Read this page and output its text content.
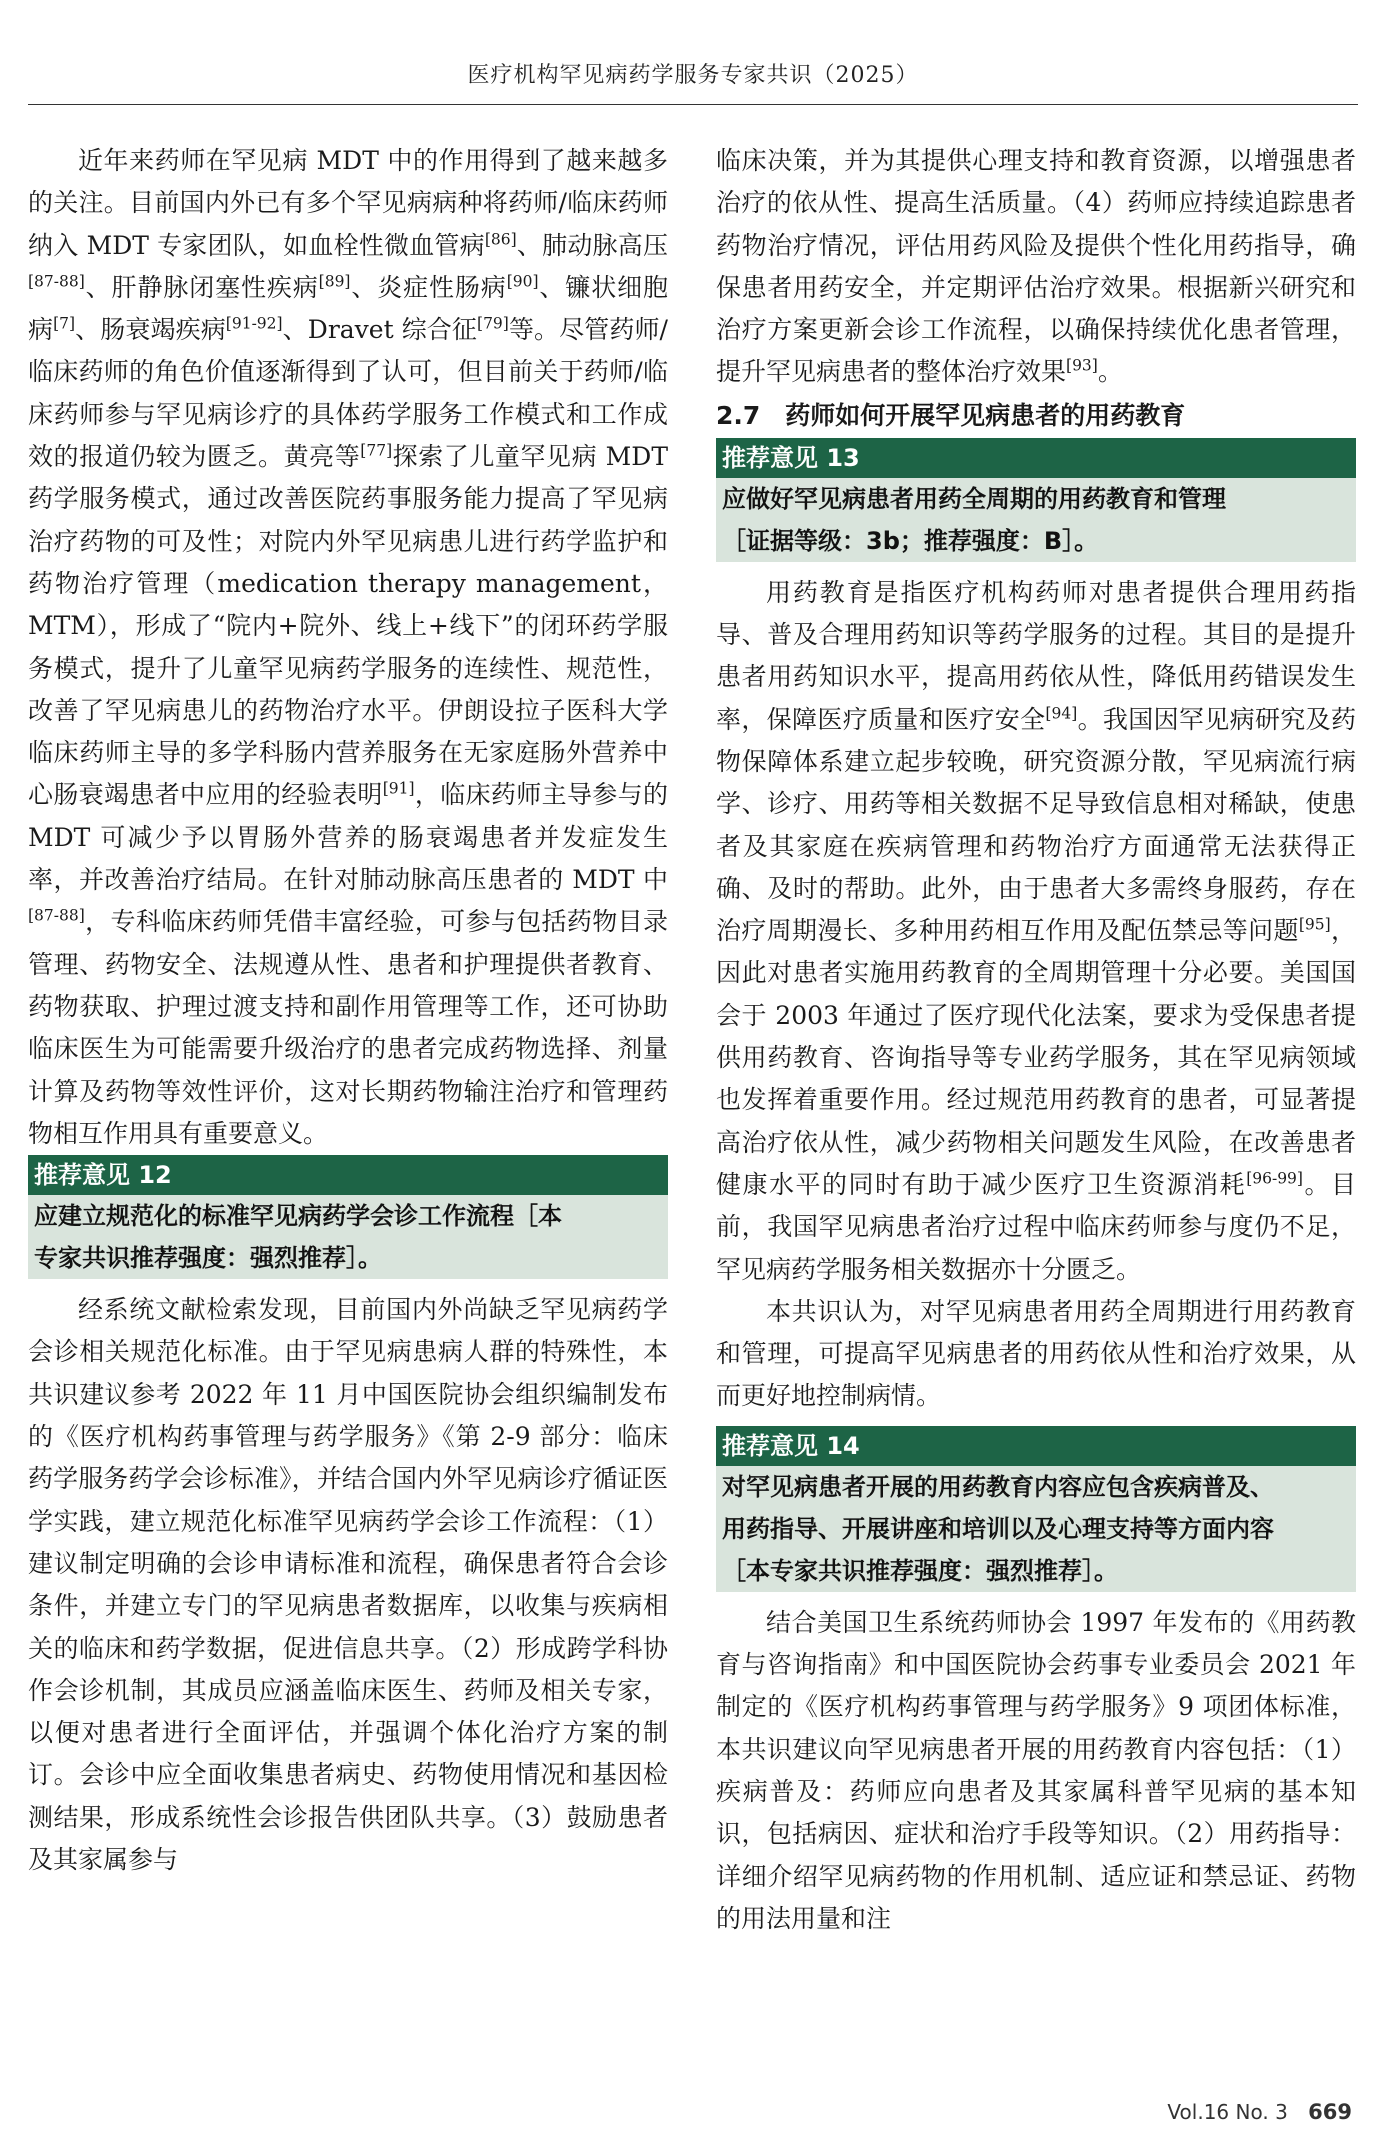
医疗机构罕见病药学服务专家共识（2025）

近年来药师在罕见病 MDT 中的作用得到了越来越多的关注。目前国内外已有多个罕见病病种将药师/临床药师纳入 MDT 专家团队，如血栓性微血管病[86]、肺动脉高压[87-88]、肝静脉闭塞性疾病[89]、炎症性肠病[90]、镰状细胞病[7]、肠衰竭疾病[91-92]、Dravet 综合征[79]等。尽管药师/临床药师的角色价值逐渐得到了认可，但目前关于药师/临床药师参与罕见病诊疗的具体药学服务工作模式和工作成效的报道仍较为匮乏。黄亮等[77]探索了儿童罕见病 MDT 药学服务模式，通过改善医院药事服务能力提高了罕见病治疗药物的可及性；对院内外罕见病患儿进行药学监护和药物治疗管理（medication therapy management，MTM），形成了“院内+院外、线上+线下”的闭环药学服务模式，提升了儿童罕见病药学服务的连续性、规范性，改善了罕见病患儿的药物治疗水平。伊朗设拉子医科大学临床药师主导的多学科肠内营养服务在无家庭肠外营养中心肠衰竭患者中应用的经验表明[91]，临床药师主导参与的 MDT 可减少予以胃肠外营养的肠衰竭患者并发症发生率，并改善治疗结局。在针对肺动脉高压患者的 MDT 中[87-88]，专科临床药师凭借丰富经验，可参与包括药物目录管理、药物安全、法规遵从性、患者和护理提供者教育、药物获取、护理过渡支持和副作用管理等工作，还可协助临床医生为可能需要升级治疗的患者完成药物选择、剂量计算及药物等效性评价，这对长期药物输注治疗和管理药物相互作用具有重要意义。

推荐意见 12
应建立规范化的标准罕见病药学会诊工作流程［本
专家共识推荐强度：强烈推荐］。

经系统文献检索发现，目前国内外尚缺乏罕见病药学会诊相关规范化标准。由于罕见病患病人群的特殊性，本共识建议参考 2022 年 11 月中国医院协会组织编制发布的《医疗机构药事管理与药学服务》《第 2-9 部分：临床药学服务药学会诊标准》，并结合国内外罕见病诊疗循证医学实践，建立规范化标准罕见病药学会诊工作流程：（1）建议制定明确的会诊申请标准和流程，确保患者符合会诊条件，并建立专门的罕见病患者数据库，以收集与疾病相关的临床和药学数据，促进信息共享。（2）形成跨学科协作会诊机制，其成员应涵盖临床医生、药师及相关专家，以便对患者进行全面评估，并强调个体化治疗方案的制订。会诊中应全面收集患者病史、药物使用情况和基因检测结果，形成系统性会诊报告供团队共享。（3）鼓励患者及其家属参与

临床决策，并为其提供心理支持和教育资源，以增强患者治疗的依从性、提高生活质量。（4）药师应持续追踪患者药物治疗情况，评估用药风险及提供个性化用药指导，确保患者用药安全，并定期评估治疗效果。根据新兴研究和治疗方案更新会诊工作流程，以确保持续优化患者管理，提升罕见病患者的整体治疗效果[93]。

2.7　药师如何开展罕见病患者的用药教育
推荐意见 13
应做好罕见病患者用药全周期的用药教育和管理
［证据等级：3b；推荐强度：B］。

用药教育是指医疗机构药师对患者提供合理用药指导、普及合理用药知识等药学服务的过程。其目的是提升患者用药知识水平，提高用药依从性，降低用药错误发生率，保障医疗质量和医疗安全[94]。我国因罕见病研究及药物保障体系建立起步较晚，研究资源分散，罕见病流行病学、诊疗、用药等相关数据不足导致信息相对稀缺，使患者及其家庭在疾病管理和药物治疗方面通常无法获得正确、及时的帮助。此外，由于患者大多需终身服药，存在治疗周期漫长、多种用药相互作用及配伍禁忌等问题[95]，因此对患者实施用药教育的全周期管理十分必要。美国国会于 2003 年通过了医疗现代化法案，要求为受保患者提供用药教育、咨询指导等专业药学服务，其在罕见病领域也发挥着重要作用。经过规范用药教育的患者，可显著提高治疗依从性，减少药物相关问题发生风险，在改善患者健康水平的同时有助于减少医疗卫生资源消耗[96-99]。目前，我国罕见病患者治疗过程中临床药师参与度仍不足，罕见病药学服务相关数据亦十分匮乏。

本共识认为，对罕见病患者用药全周期进行用药教育和管理，可提高罕见病患者的用药依从性和治疗效果，从而更好地控制病情。

推荐意见 14
对罕见病患者开展的用药教育内容应包含疾病普及、
用药指导、开展讲座和培训以及心理支持等方面内容
［本专家共识推荐强度：强烈推荐］。

结合美国卫生系统药师协会 1997 年发布的《用药教育与咨询指南》和中国医院协会药事专业委员会 2021 年制定的《医疗机构药事管理与药学服务》9 项团体标准，本共识建议向罕见病患者开展的用药教育内容包括：（1）疾病普及：药师应向患者及其家属科普罕见病的基本知识，包括病因、症状和治疗手段等知识。（2）用药指导：详细介绍罕见病药物的作用机制、适应证和禁忌证、药物的用法用量和注

Vol.16 No. 3 669
